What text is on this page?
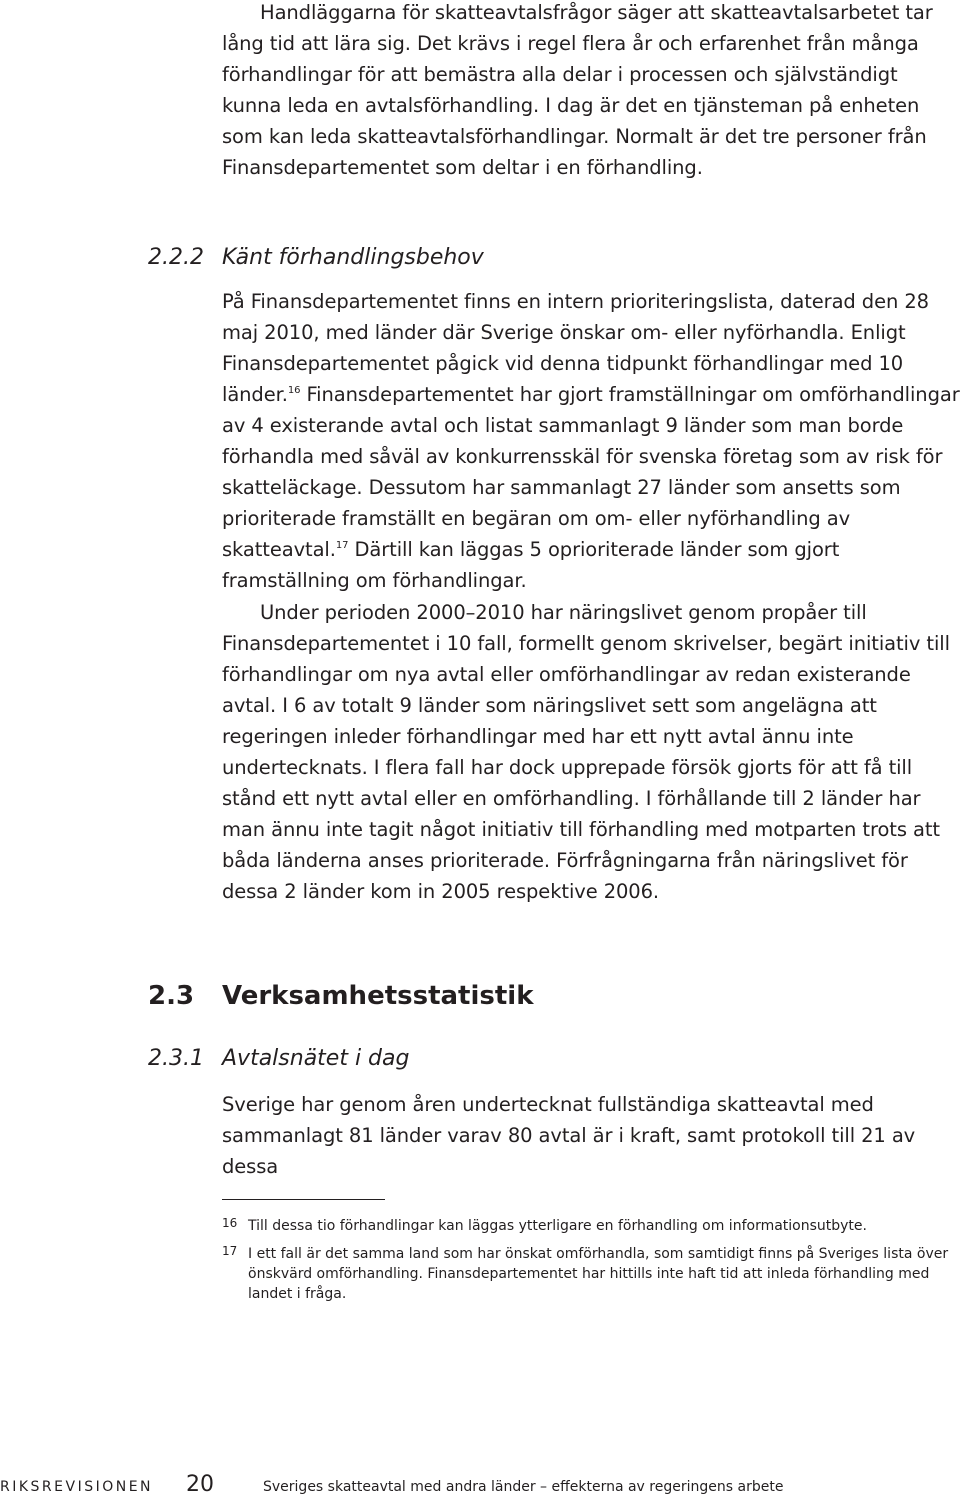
Handläggarna för skatteavtalsfrågor säger att skatteavtalsarbetet tar lång tid att lära sig. Det krävs i regel flera år och erfarenhet från många förhandlingar för att bemästra alla delar i processen och självständigt kunna leda en avtalsförhandling. I dag är det en tjänsteman på enheten som kan leda skatteavtalsförhandlingar. Normalt är det tre personer från Finansdepartementet som deltar i en förhandling.

2.2.2 Känt förhandlingsbehov

På Finansdepartementet finns en intern prioriteringslista, daterad den 28 maj 2010, med länder där Sverige önskar om- eller nyförhandla. Enligt Finansdepartementet pågick vid denna tidpunkt förhandlingar med 10 länder.$^{16}$ Finansdepartementet har gjort framställningar om omförhandlingar av 4 existerande avtal och listat sammanlagt 9 länder som man borde förhandla med såväl av konkurrensskäl för svenska företag som av risk för skatteläckage. Dessutom har sammanlagt 27 länder som ansetts som prioriterade framställt en begäran om om- eller nyförhandling av skatteavtal.$^{17}$ Därtill kan läggas 5 oprioriterade länder som gjort framställning om förhandlingar.

Under perioden 2000–2010 har näringslivet genom propåer till Finansdepartementet i 10 fall, formellt genom skrivelser, begärt initiativ till förhandlingar om nya avtal eller omförhandlingar av redan existerande avtal. I 6 av totalt 9 länder som näringslivet sett som angelägna att regeringen inleder förhandlingar med har ett nytt avtal ännu inte undertecknats. I flera fall har dock upprepade försök gjorts för att få till stånd ett nytt avtal eller en omförhandling. I förhållande till 2 länder har man ännu inte tagit något initiativ till förhandling med motparten trots att båda länderna anses prioriterade. Förfrågningarna från näringslivet för dessa 2 länder kom in 2005 respektive 2006.

2.3 Verksamhetsstatistik
2.3.1 Avtalsnätet i dag

Sverige har genom åren undertecknat fullständiga skatteavtal med sammanlagt 81 länder varav 80 avtal är i kraft, samt protokoll till 21 av dessa

16 Till dessa tio förhandlingar kan läggas ytterligare en förhandling om informationsutbyte.
17 I ett fall är det samma land som har önskat omförhandla, som samtidigt finns på Sveriges lista över önskvärd omförhandling. Finansdepartementet har hittills inte haft tid att inleda förhandling med landet i fråga.
RIKSREVISIONEN 20	Sveriges skatteavtal med andra länder – effekterna av regeringens arbete
